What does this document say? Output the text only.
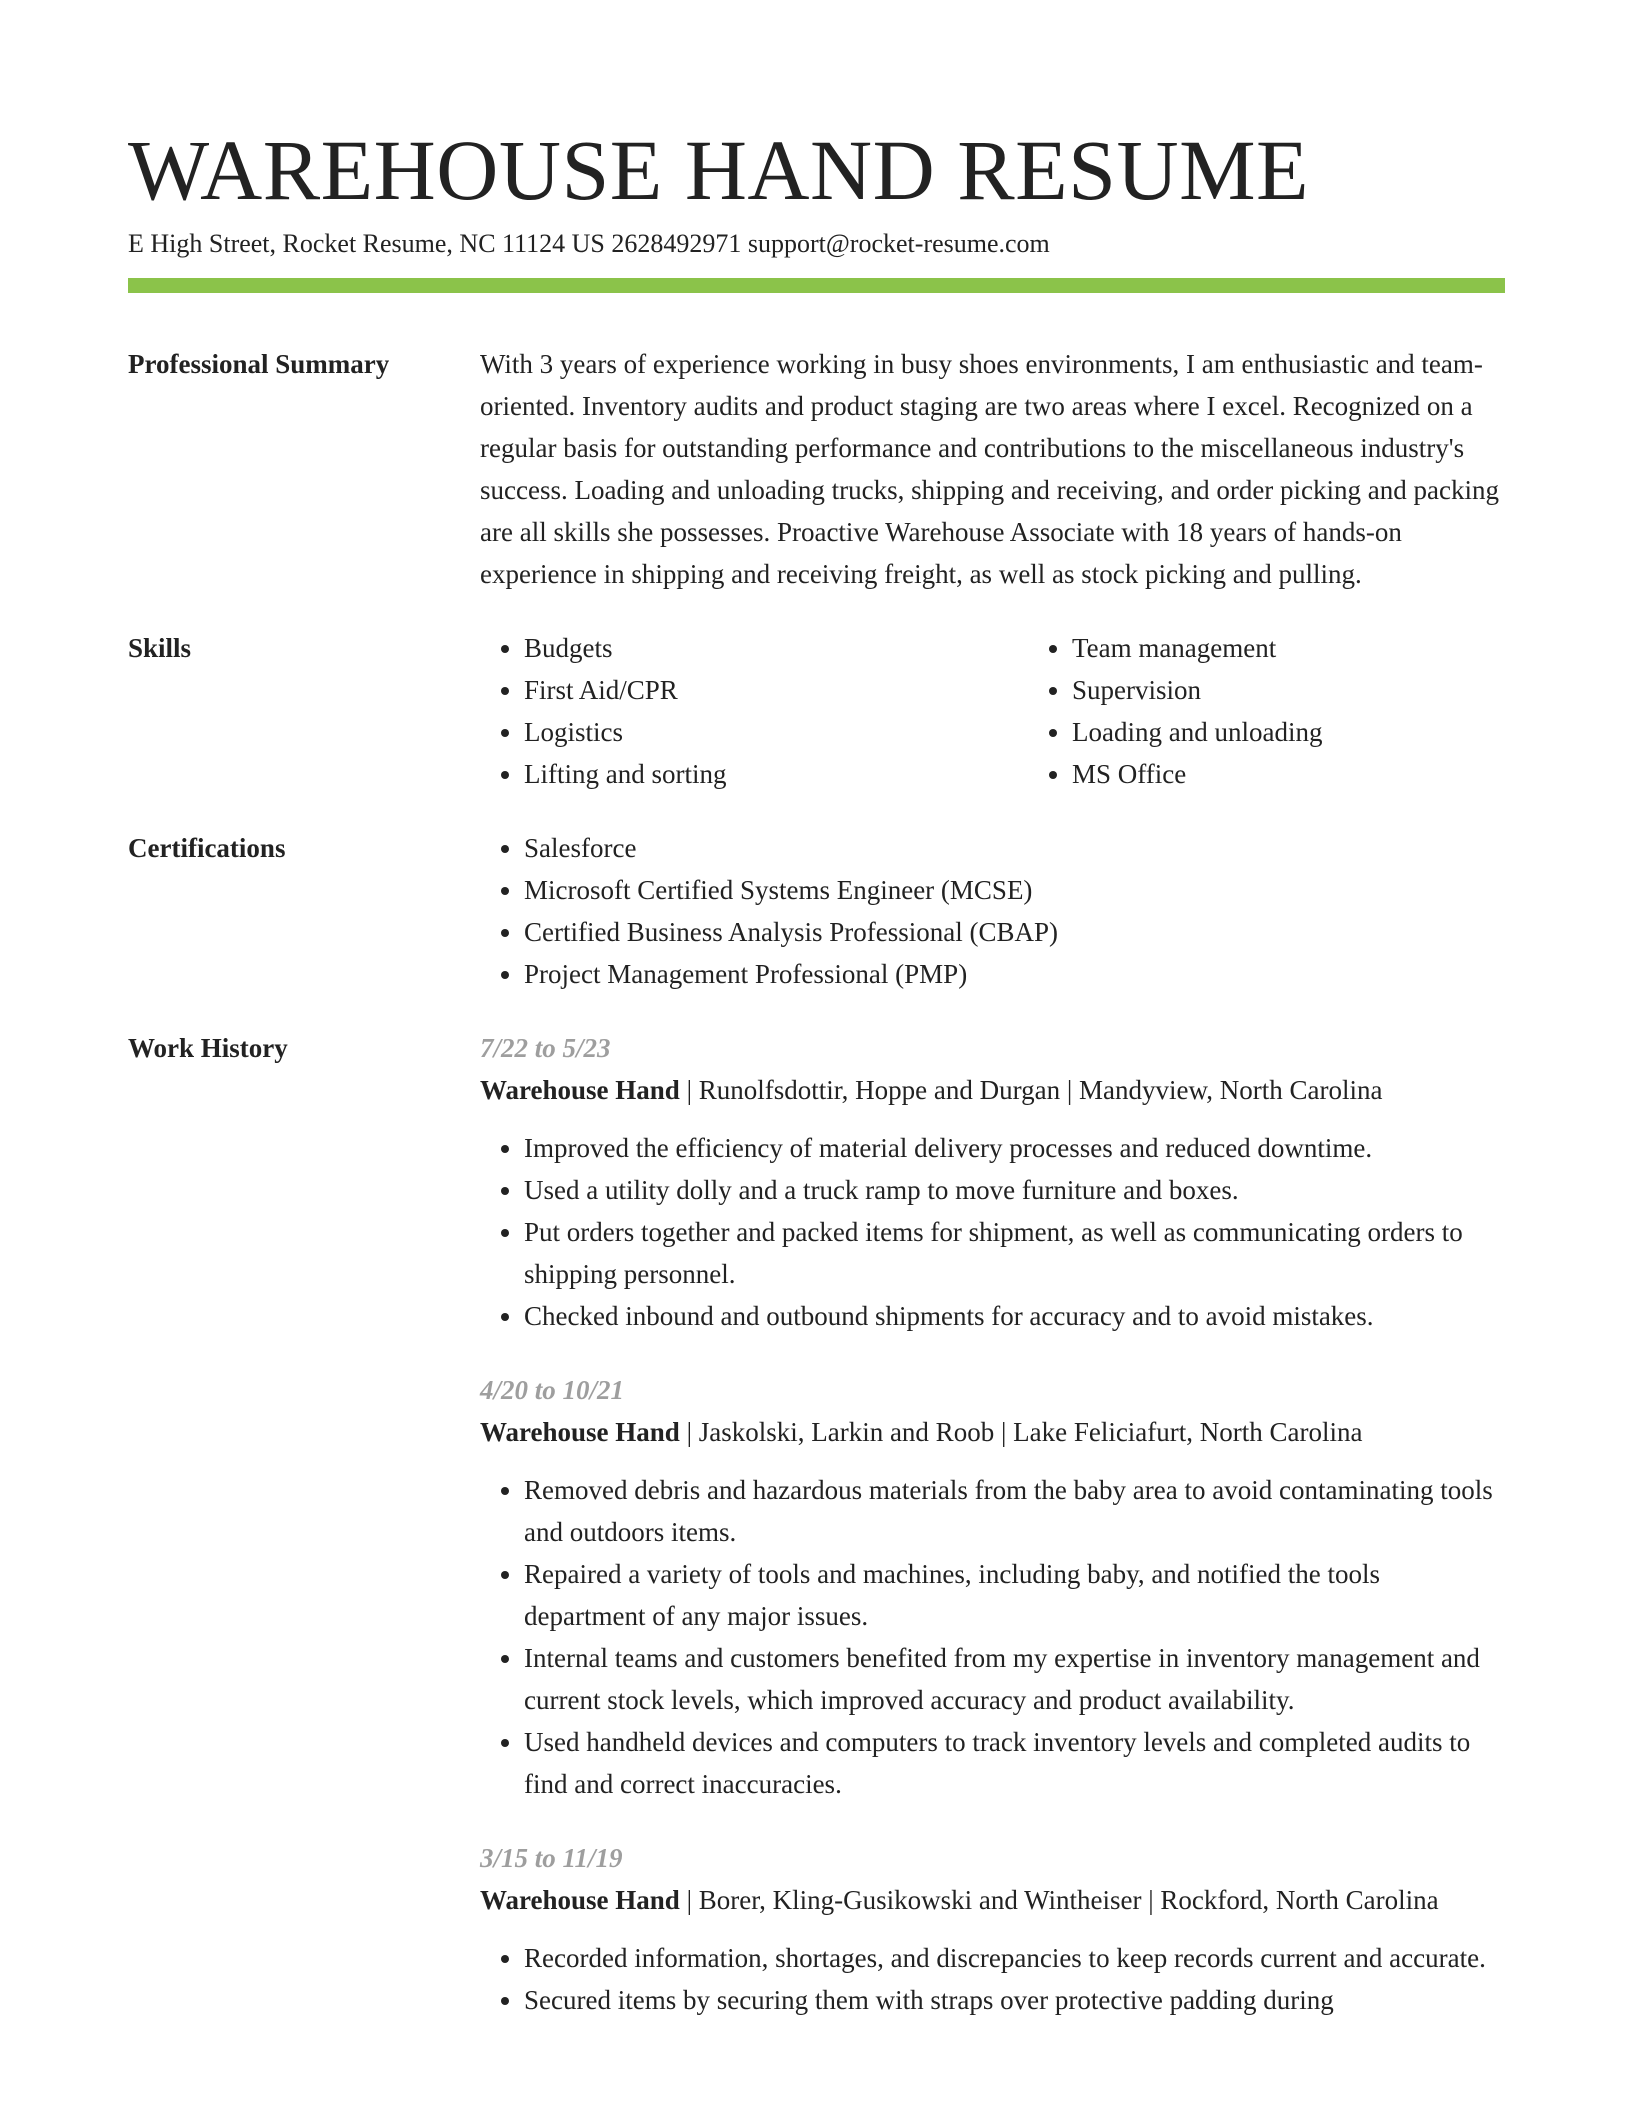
WAREHOUSE HAND RESUME
E High Street, Rocket Resume, NC 11124 US 2628492971 support@rocket-resume.com
Professional Summary	With 3 years of experience working in busy shoes environments, I am enthusiastic and team-oriented. Inventory audits and product staging are two areas where I excel. Recognized on a regular basis for outstanding performance and contributions to the miscellaneous industry's success. Loading and unloading trucks, shipping and receiving, and order picking and packing are all skills she possesses. Proactive Warehouse Associate with 18 years of hands-on experience in shipping and receiving freight, as well as stock picking and pulling.

Skills	• Budgets
• First Aid/CPR
• Logistics
• Lifting and sorting
• Team management
• Supervision
• Loading and unloading
• MS Office
Certifications	• Salesforce
• Microsoft Certified Systems Engineer (MCSE)
• Certified Business Analysis Professional (CBAP)
• Project Management Professional (PMP)
Work History	7/22 to 5/23
Warehouse Hand | Runolfsdottir, Hoppe and Durgan | Mandyview, North Carolina
• Improved the efficiency of material delivery processes and reduced downtime.
• Used a utility dolly and a truck ramp to move furniture and boxes.
• Put orders together and packed items for shipment, as well as communicating orders to shipping personnel.
• Checked inbound and outbound shipments for accuracy and to avoid mistakes.
4/20 to 10/21
Warehouse Hand | Jaskolski, Larkin and Roob | Lake Feliciafurt, North Carolina
• Removed debris and hazardous materials from the baby area to avoid contaminating tools and outdoors items.
• Repaired a variety of tools and machines, including baby, and notified the tools department of any major issues.
• Internal teams and customers benefited from my expertise in inventory management and current stock levels, which improved accuracy and product availability.
• Used handheld devices and computers to track inventory levels and completed audits to find and correct inaccuracies.
3/15 to 11/19
Warehouse Hand | Borer, Kling-Gusikowski and Wintheiser | Rockford, North Carolina
• Recorded information, shortages, and discrepancies to keep records current and accurate.
• Secured items by securing them with straps over protective padding during
